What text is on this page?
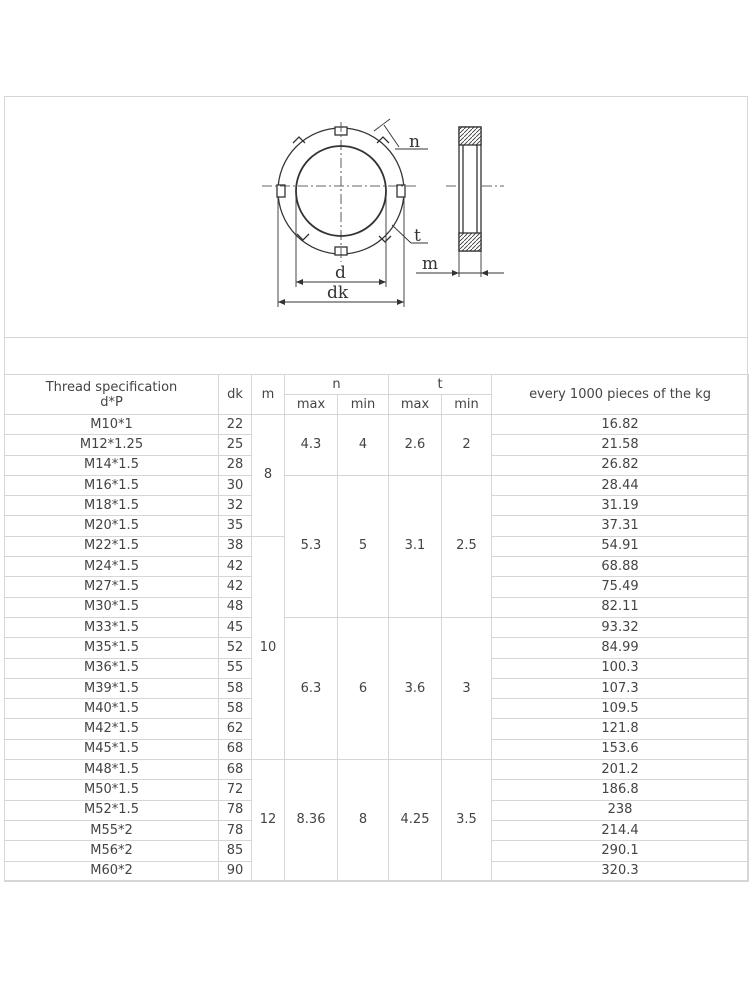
n
t
d
dk
m
Thread specification
d*P	dk	m	n		t		every 1000 pieces of the kg
			max	min	max	min	
M10*1	22	8	4.3	4	2.6	2	16.82
M12*1.25	25						21.58
M14*1.5	28						26.82
M16*1.5	30		5.3	5	3.1	2.5	28.44
M18*1.5	32						31.19
M20*1.5	35						37.31
M22*1.5	38	10					54.91
M24*1.5	42						68.88
M27*1.5	42						75.49
M30*1.5	48						82.11
M33*1.5	45		6.3	6	3.6	3	93.32
M35*1.5	52						84.99
M36*1.5	55						100.3
M39*1.5	58						107.3
M40*1.5	58						109.5
M42*1.5	62						121.8
M45*1.5	68						153.6
M48*1.5	68	12	8.36	8	4.25	3.5	201.2
M50*1.5	72						186.8
M52*1.5	78						238
M55*2	78						214.4
M56*2	85						290.1
M60*2	90						320.3
